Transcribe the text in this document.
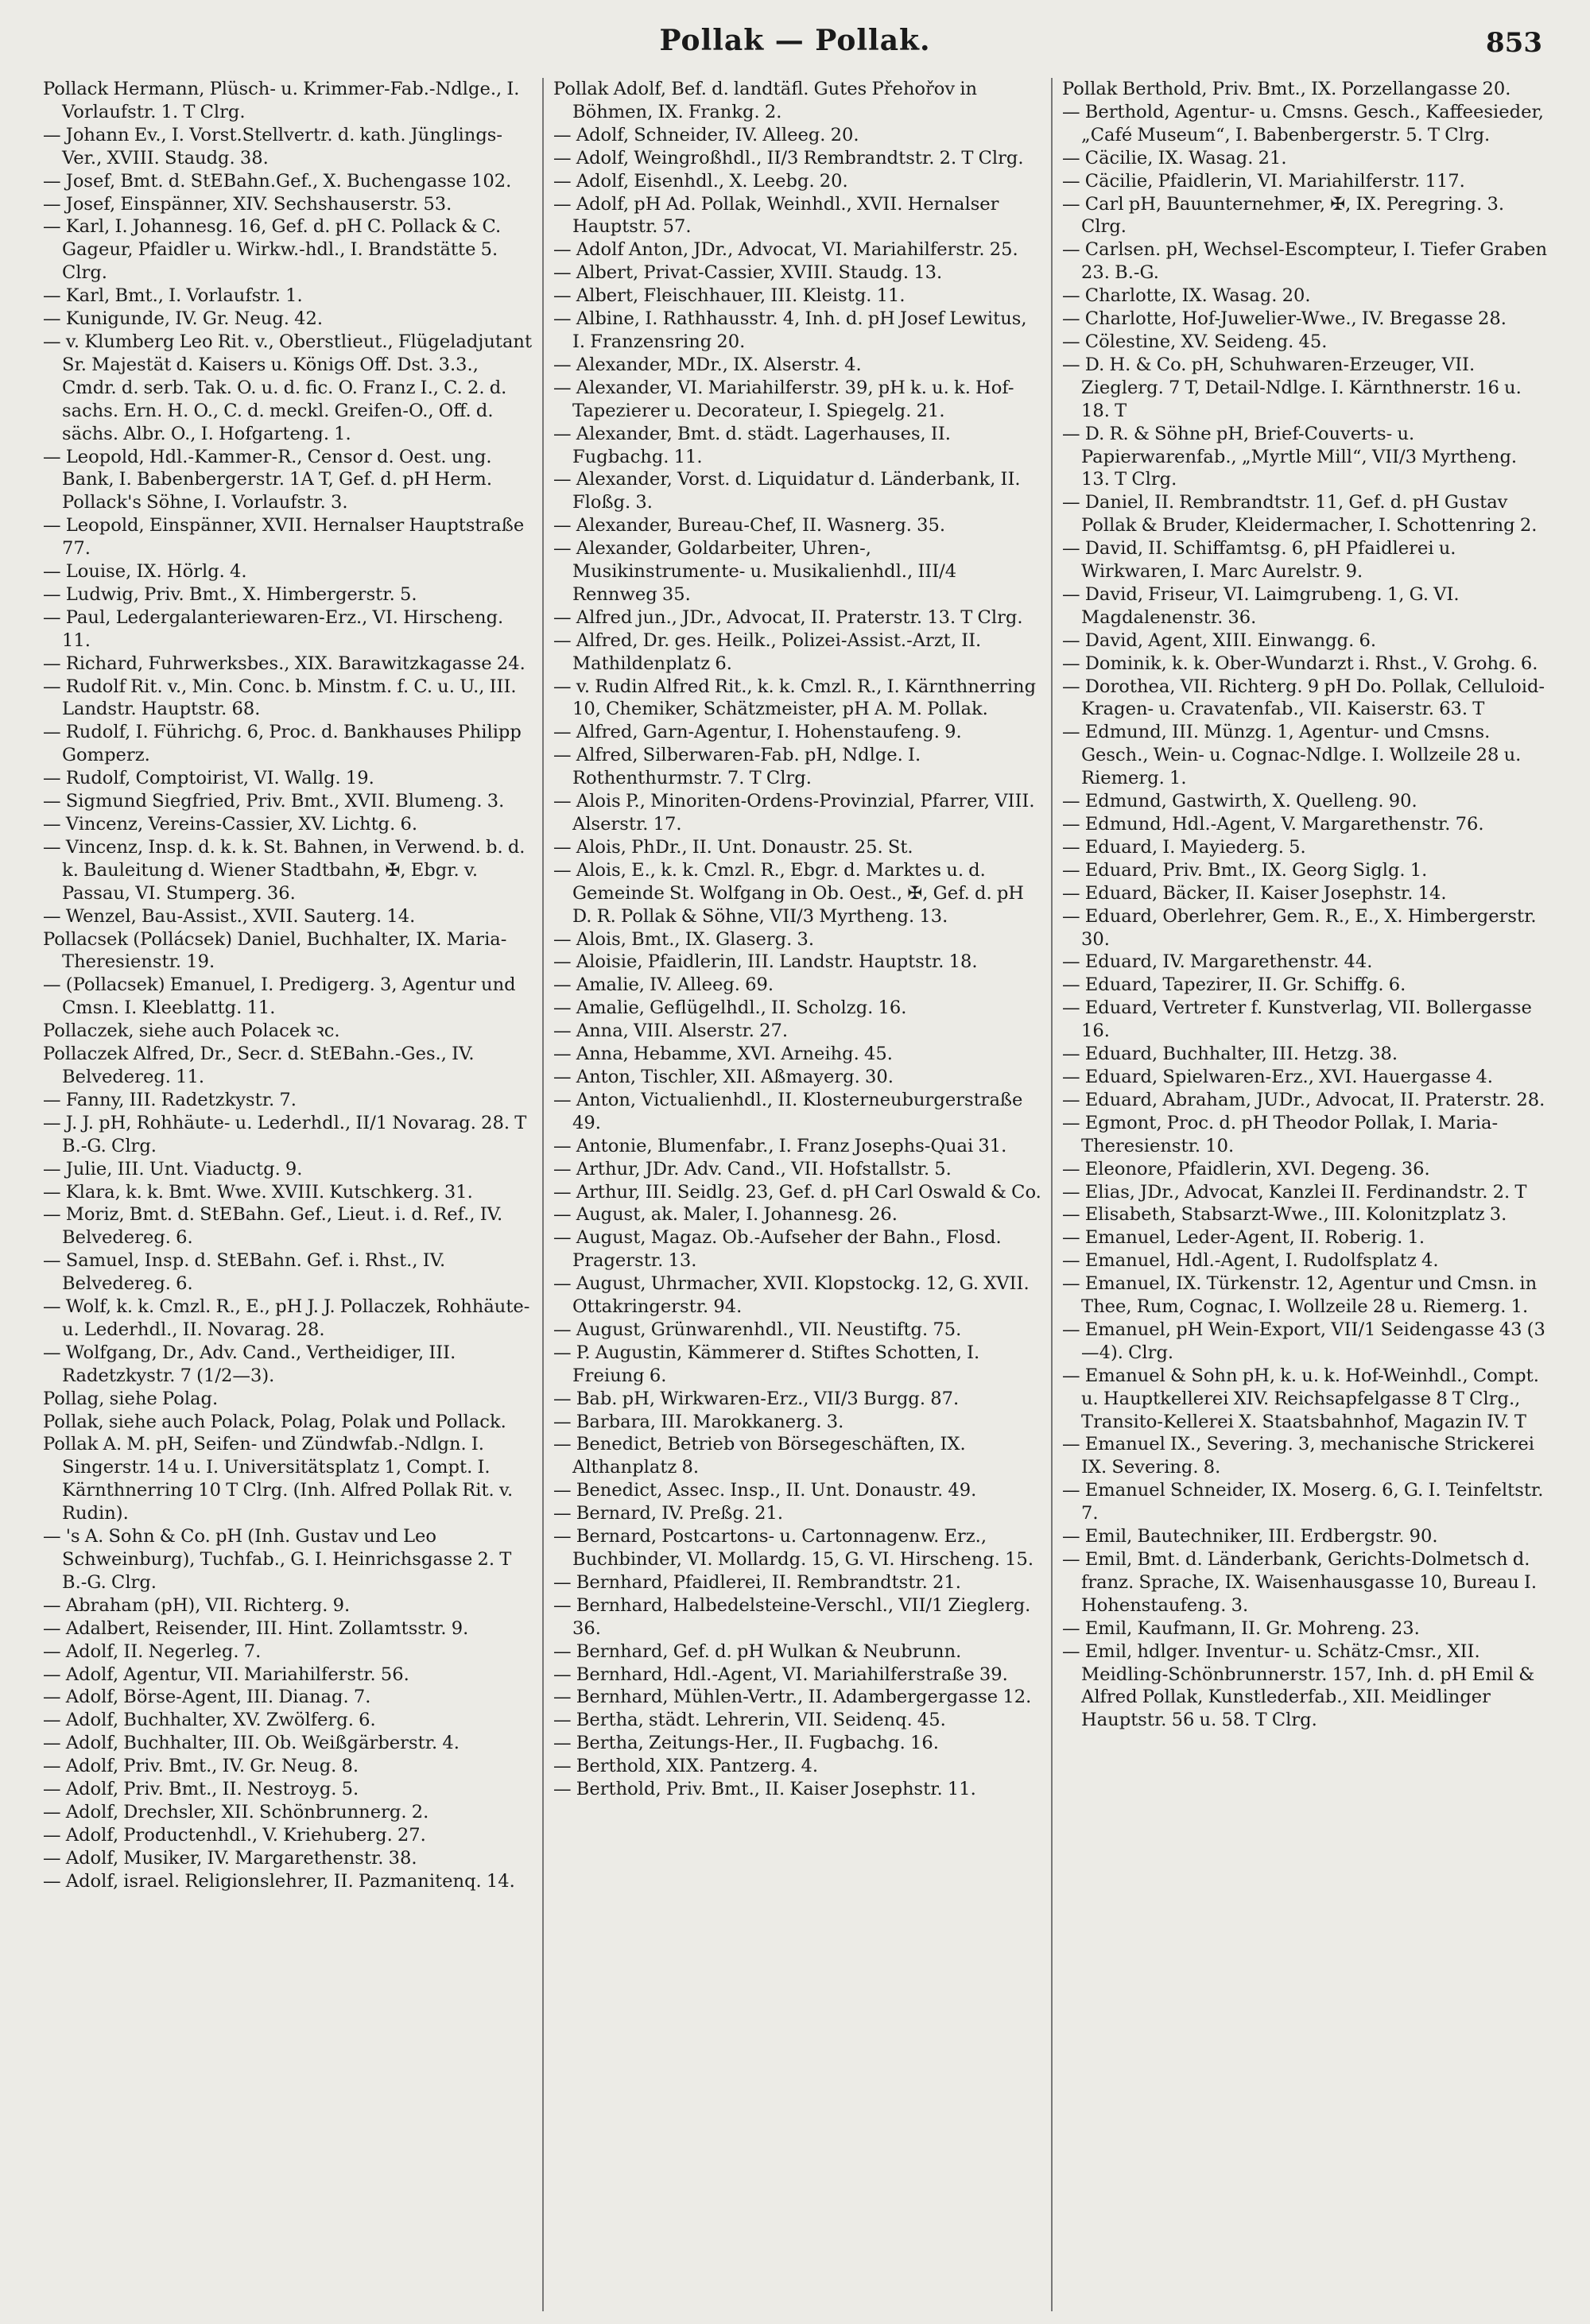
Pollak — Pollak.	853
Pollack Hermann, Plüsch- u. Krimmer-Fab.-Ndlge., I. Vorlaufstr. 1. T Clrg.
— Johann Ev., I. Vorst.Stellvertr. d. kath. Jünglings-Ver., XVIII. Staudg. 38.
— Josef, Bmt. d. StEBahn.Gef., X. Buchengasse 102.
— Josef, Einspänner, XIV. Sechshauserstr. 53.
— Karl, I. Johannesg. 16, Gef. d. pH C. Pollack & C. Gageur, Pfaidler u. Wirkw.-hdl., I. Brandstätte 5. Clrg.
— Karl, Bmt., I. Vorlaufstr. 1.
— Kunigunde, IV. Gr. Neug. 42.
— v. Klumberg Leo Rit. v., Oberstlieut., Flügeladjutant Sr. Majestät d. Kaisers u. Königs Off. Dst. 3.3., Cmdr. d. serb. Tak. O. u. d. fic. O. Franz I., C. 2. d. sachs. Ern. H. O., C. d. meckl. Greifen-O., Off. d. sächs. Albr. O., I. Hofgarteng. 1.
— Leopold, Hdl.-Kammer-R., Censor d. Oest. ung. Bank, I. Babenbergerstr. 1A T, Gef. d. pH Herm. Pollack's Söhne, I. Vorlaufstr. 3.
— Leopold, Einspänner, XVII. Hernalser Hauptstraße 77.
— Louise, IX. Hörlg. 4.
— Ludwig, Priv. Bmt., X. Himbergerstr. 5.
— Paul, Ledergalanteriewaren-Erz., VI. Hirscheng. 11.
— Richard, Fuhrwerksbes., XIX. Barawitzkagasse 24.
— Rudolf Rit. v., Min. Conc. b. Minstm. f. C. u. U., III. Landstr. Hauptstr. 68.
— Rudolf, I. Führichg. 6, Proc. d. Bankhauses Philipp Gomperz.
— Rudolf, Comptoirist, VI. Wallg. 19.
— Sigmund Siegfried, Priv. Bmt., XVII. Blumeng. 3.
— Vincenz, Vereins-Cassier, XV. Lichtg. 6.
— Vincenz, Insp. d. k. k. St. Bahnen, in Verwend. b. d. k. Bauleitung d. Wiener Stadtbahn, ✠, Ebgr. v. Passau, VI. Stumperg. 36.
— Wenzel, Bau-Assist., XVII. Sauterg. 14.
Pollacsek (Pollácsek) Daniel, Buchhalter, IX. Maria-Theresienstr. 19.
— (Pollacsek) Emanuel, I. Predigerg. 3, Agentur und Cmsn. I. Kleeblattg. 11.
Pollaczek, siehe auch Polacek ꝛc.
Pollaczek Alfred, Dr., Secr. d. StEBahn.-Ges., IV. Belvedereg. 11.
— Fanny, III. Radetzkystr. 7.
— J. J. pH, Rohhäute- u. Lederhdl., II/1 Novarag. 28. T B.-G. Clrg.
— Julie, III. Unt. Viaductg. 9.
— Klara, k. k. Bmt. Wwe. XVIII. Kutschkerg. 31.
— Moriz, Bmt. d. StEBahn. Gef., Lieut. i. d. Ref., IV. Belvedereg. 6.
— Samuel, Insp. d. StEBahn. Gef. i. Rhst., IV. Belvedereg. 6.
— Wolf, k. k. Cmzl. R., E., pH J. J. Pollaczek, Rohhäute- u. Lederhdl., II. Novarag. 28.
— Wolfgang, Dr., Adv. Cand., Vertheidiger, III. Radetzkystr. 7 (1/2—3).
Pollag, siehe Polag.
Pollak, siehe auch Polack, Polag, Polak und Pollack.
Pollak A. M. pH, Seifen- und Zündwfab.-Ndlgn. I. Singerstr. 14 u. I. Universitätsplatz 1, Compt. I. Kärnthnerring 10 T Clrg. (Inh. Alfred Pollak Rit. v. Rudin).
— 's A. Sohn & Co. pH (Inh. Gustav und Leo Schweinburg), Tuchfab., G. I. Heinrichsgasse 2. T B.-G. Clrg.
— Abraham (pH), VII. Richterg. 9.
— Adalbert, Reisender, III. Hint. Zollamtsstr. 9.
— Adolf, II. Negerleg. 7.
— Adolf, Agentur, VII. Mariahilferstr. 56.
— Adolf, Börse-Agent, III. Dianag. 7.
— Adolf, Buchhalter, XV. Zwölferg. 6.
— Adolf, Buchhalter, III. Ob. Weißgärberstr. 4.
— Adolf, Priv. Bmt., IV. Gr. Neug. 8.
— Adolf, Priv. Bmt., II. Nestroyg. 5.
— Adolf, Drechsler, XII. Schönbrunnerg. 2.
— Adolf, Productenhdl., V. Kriehuberg. 27.
— Adolf, Musiker, IV. Margarethenstr. 38.
— Adolf, israel. Religionslehrer, II. Pazmanitenq. 14.
Pollak Adolf, Bef. d. landtäfl. Gutes Přehořov in Böhmen, IX. Frankg. 2.
— Adolf, Schneider, IV. Alleeg. 20.
— Adolf, Weingroßhdl., II/3 Rembrandtstr. 2. T Clrg.
— Adolf, Eisenhdl., X. Leebg. 20.
— Adolf, pH Ad. Pollak, Weinhdl., XVII. Hernalser Hauptstr. 57.
— Adolf Anton, JDr., Advocat, VI. Mariahilferstr. 25.
— Albert, Privat-Cassier, XVIII. Staudg. 13.
— Albert, Fleischhauer, III. Kleistg. 11.
— Albine, I. Rathhausstr. 4, Inh. d. pH Josef Lewitus, I. Franzensring 20.
— Alexander, MDr., IX. Alserstr. 4.
— Alexander, VI. Mariahilferstr. 39, pH k. u. k. Hof-Tapezierer u. Decorateur, I. Spiegelg. 21.
— Alexander, Bmt. d. städt. Lagerhauses, II. Fugbachg. 11.
— Alexander, Vorst. d. Liquidatur d. Länderbank, II. Floßg. 3.
— Alexander, Bureau-Chef, II. Wasnerg. 35.
— Alexander, Goldarbeiter, Uhren-, Musikinstrumente- u. Musikalienhdl., III/4 Rennweg 35.
— Alfred jun., JDr., Advocat, II. Praterstr. 13. T Clrg.
— Alfred, Dr. ges. Heilk., Polizei-Assist.-Arzt, II. Mathildenplatz 6.
— v. Rudin Alfred Rit., k. k. Cmzl. R., I. Kärnthnerring 10, Chemiker, Schätzmeister, pH A. M. Pollak.
— Alfred, Garn-Agentur, I. Hohenstaufeng. 9.
— Alfred, Silberwaren-Fab. pH, Ndlge. I. Rothenthurmstr. 7. T Clrg.
— Alois P., Minoriten-Ordens-Provinzial, Pfarrer, VIII. Alserstr. 17.
— Alois, PhDr., II. Unt. Donaustr. 25. St.
— Alois, E., k. k. Cmzl. R., Ebgr. d. Marktes u. d. Gemeinde St. Wolfgang in Ob. Oest., ✠, Gef. d. pH D. R. Pollak & Söhne, VII/3 Myrtheng. 13.
— Alois, Bmt., IX. Glaserg. 3.
— Aloisie, Pfaidlerin, III. Landstr. Hauptstr. 18.
— Amalie, IV. Alleeg. 69.
— Amalie, Geflügelhdl., II. Scholzg. 16.
— Anna, VIII. Alserstr. 27.
— Anna, Hebamme, XVI. Arneihg. 45.
— Anton, Tischler, XII. Aßmayerg. 30.
— Anton, Victualienhdl., II. Klosterneuburgerstraße 49.
— Antonie, Blumenfabr., I. Franz Josephs-Quai 31.
— Arthur, JDr. Adv. Cand., VII. Hofstallstr. 5.
— Arthur, III. Seidlg. 23, Gef. d. pH Carl Oswald & Co.
— August, ak. Maler, I. Johannesg. 26.
— August, Magaz. Ob.-Aufseher der Bahn., Flosd. Pragerstr. 13.
— August, Uhrmacher, XVII. Klopstockg. 12, G. XVII. Ottakringerstr. 94.
— August, Grünwarenhdl., VII. Neustiftg. 75.
— P. Augustin, Kämmerer d. Stiftes Schotten, I. Freiung 6.
— Bab. pH, Wirkwaren-Erz., VII/3 Burgg. 87.
— Barbara, III. Marokkanerg. 3.
— Benedict, Betrieb von Börsegeschäften, IX. Althanplatz 8.
— Benedict, Assec. Insp., II. Unt. Donaustr. 49.
— Bernard, IV. Preßg. 21.
— Bernard, Postcartons- u. Cartonnagenw. Erz., Buchbinder, VI. Mollardg. 15, G. VI. Hirscheng. 15.
— Bernhard, Pfaidlerei, II. Rembrandtstr. 21.
— Bernhard, Halbedelsteine-Verschl., VII/1 Zieglerg. 36.
— Bernhard, Gef. d. pH Wulkan & Neubrunn.
— Bernhard, Hdl.-Agent, VI. Mariahilferstraße 39.
— Bernhard, Mühlen-Vertr., II. Adambergergasse 12.
— Bertha, städt. Lehrerin, VII. Seidenq. 45.
— Bertha, Zeitungs-Her., II. Fugbachg. 16.
— Berthold, XIX. Pantzerg. 4.
— Berthold, Priv. Bmt., II. Kaiser Josephstr. 11.
Pollak Berthold, Priv. Bmt., IX. Porzellangasse 20.
— Berthold, Agentur- u. Cmsns. Gesch., Kaffeesieder, „Café Museum“, I. Babenbergerstr. 5. T Clrg.
— Cäcilie, IX. Wasag. 21.
— Cäcilie, Pfaidlerin, VI. Mariahilferstr. 117.
— Carl pH, Bauunternehmer, ✠, IX. Peregring. 3. Clrg.
— Carlsen. pH, Wechsel-Escompteur, I. Tiefer Graben 23. B.-G.
— Charlotte, IX. Wasag. 20.
— Charlotte, Hof-Juwelier-Wwe., IV. Bregasse 28.
— Cölestine, XV. Seideng. 45.
— D. H. & Co. pH, Schuhwaren-Erzeuger, VII. Zieglerg. 7 T, Detail-Ndlge. I. Kärnthnerstr. 16 u. 18. T
— D. R. & Söhne pH, Brief-Couverts- u. Papierwarenfab., „Myrtle Mill“, VII/3 Myrtheng. 13. T Clrg.
— Daniel, II. Rembrandtstr. 11, Gef. d. pH Gustav Pollak & Bruder, Kleidermacher, I. Schottenring 2.
— David, II. Schiffamtsg. 6, pH Pfaidlerei u. Wirkwaren, I. Marc Aurelstr. 9.
— David, Friseur, VI. Laimgrubeng. 1, G. VI. Magdalenenstr. 36.
— David, Agent, XIII. Einwangg. 6.
— Dominik, k. k. Ober-Wundarzt i. Rhst., V. Grohg. 6.
— Dorothea, VII. Richterg. 9 pH Do. Pollak, Celluloid-Kragen- u. Cravatenfab., VII. Kaiserstr. 63. T
— Edmund, III. Münzg. 1, Agentur- und Cmsns. Gesch., Wein- u. Cognac-Ndlge. I. Wollzeile 28 u. Riemerg. 1.
— Edmund, Gastwirth, X. Quelleng. 90.
— Edmund, Hdl.-Agent, V. Margarethenstr. 76.
— Eduard, I. Mayiederg. 5.
— Eduard, Priv. Bmt., IX. Georg Siglg. 1.
— Eduard, Bäcker, II. Kaiser Josephstr. 14.
— Eduard, Oberlehrer, Gem. R., E., X. Himbergerstr. 30.
— Eduard, IV. Margarethenstr. 44.
— Eduard, Tapezirer, II. Gr. Schiffg. 6.
— Eduard, Vertreter f. Kunstverlag, VII. Bollergasse 16.
— Eduard, Buchhalter, III. Hetzg. 38.
— Eduard, Spielwaren-Erz., XVI. Hauergasse 4.
— Eduard, Abraham, JUDr., Advocat, II. Praterstr. 28.
— Egmont, Proc. d. pH Theodor Pollak, I. Maria-Theresienstr. 10.
— Eleonore, Pfaidlerin, XVI. Degeng. 36.
— Elias, JDr., Advocat, Kanzlei II. Ferdinandstr. 2. T
— Elisabeth, Stabsarzt-Wwe., III. Kolonitzplatz 3.
— Emanuel, Leder-Agent, II. Roberig. 1.
— Emanuel, Hdl.-Agent, I. Rudolfsplatz 4.
— Emanuel, IX. Türkenstr. 12, Agentur und Cmsn. in Thee, Rum, Cognac, I. Wollzeile 28 u. Riemerg. 1.
— Emanuel, pH Wein-Export, VII/1 Seidengasse 43 (3—4). Clrg.
— Emanuel & Sohn pH, k. u. k. Hof-Weinhdl., Compt. u. Hauptkellerei XIV. Reichsapfelgasse 8 T Clrg., Transito-Kellerei X. Staatsbahnhof, Magazin IV. T
— Emanuel IX., Severing. 3, mechanische Strickerei IX. Severing. 8.
— Emanuel Schneider, IX. Moserg. 6, G. I. Teinfeltstr. 7.
— Emil, Bautechniker, III. Erdbergstr. 90.
— Emil, Bmt. d. Länderbank, Gerichts-Dolmetsch d. franz. Sprache, IX. Waisenhausgasse 10, Bureau I. Hohenstaufeng. 3.
— Emil, Kaufmann, II. Gr. Mohreng. 23.
— Emil, hdlger. Inventur- u. Schätz-Cmsr., XII. Meidling-Schönbrunnerstr. 157, Inh. d. pH Emil & Alfred Pollak, Kunstlederfab., XII. Meidlinger Hauptstr. 56 u. 58. T Clrg.
